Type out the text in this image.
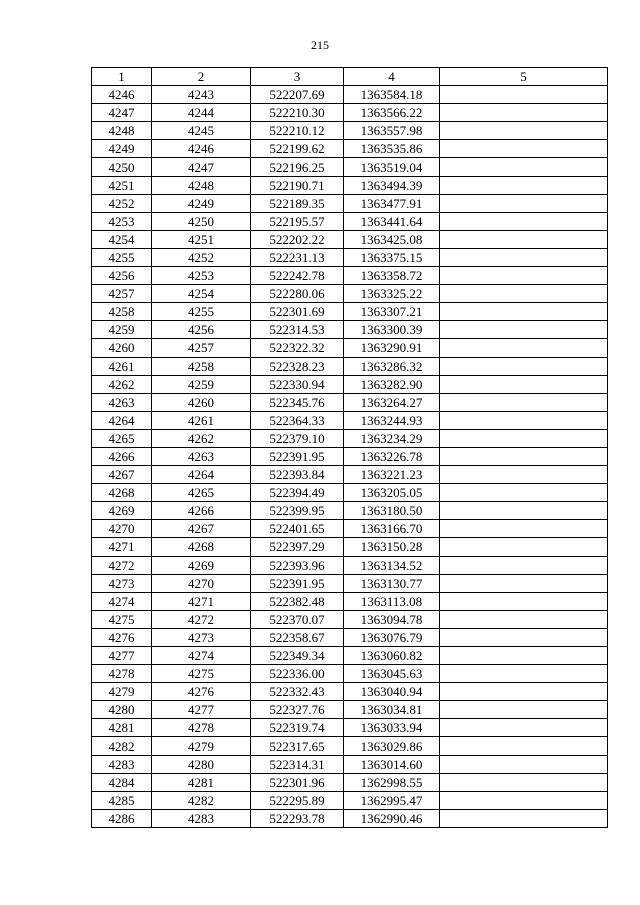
215
1	2	3	4	5
4246	4243	522207.69	1363584.18	
4247	4244	522210.30	1363566.22	
4248	4245	522210.12	1363557.98	
4249	4246	522199.62	1363535.86	
4250	4247	522196.25	1363519.04	
4251	4248	522190.71	1363494.39	
4252	4249	522189.35	1363477.91	
4253	4250	522195.57	1363441.64	
4254	4251	522202.22	1363425.08	
4255	4252	522231.13	1363375.15	
4256	4253	522242.78	1363358.72	
4257	4254	522280.06	1363325.22	
4258	4255	522301.69	1363307.21	
4259	4256	522314.53	1363300.39	
4260	4257	522322.32	1363290.91	
4261	4258	522328.23	1363286.32	
4262	4259	522330.94	1363282.90	
4263	4260	522345.76	1363264.27	
4264	4261	522364.33	1363244.93	
4265	4262	522379.10	1363234.29	
4266	4263	522391.95	1363226.78	
4267	4264	522393.84	1363221.23	
4268	4265	522394.49	1363205.05	
4269	4266	522399.95	1363180.50	
4270	4267	522401.65	1363166.70	
4271	4268	522397.29	1363150.28	
4272	4269	522393.96	1363134.52	
4273	4270	522391.95	1363130.77	
4274	4271	522382.48	1363113.08	
4275	4272	522370.07	1363094.78	
4276	4273	522358.67	1363076.79	
4277	4274	522349.34	1363060.82	
4278	4275	522336.00	1363045.63	
4279	4276	522332.43	1363040.94	
4280	4277	522327.76	1363034.81	
4281	4278	522319.74	1363033.94	
4282	4279	522317.65	1363029.86	
4283	4280	522314.31	1363014.60	
4284	4281	522301.96	1362998.55	
4285	4282	522295.89	1362995.47	
4286	4283	522293.78	1362990.46	
